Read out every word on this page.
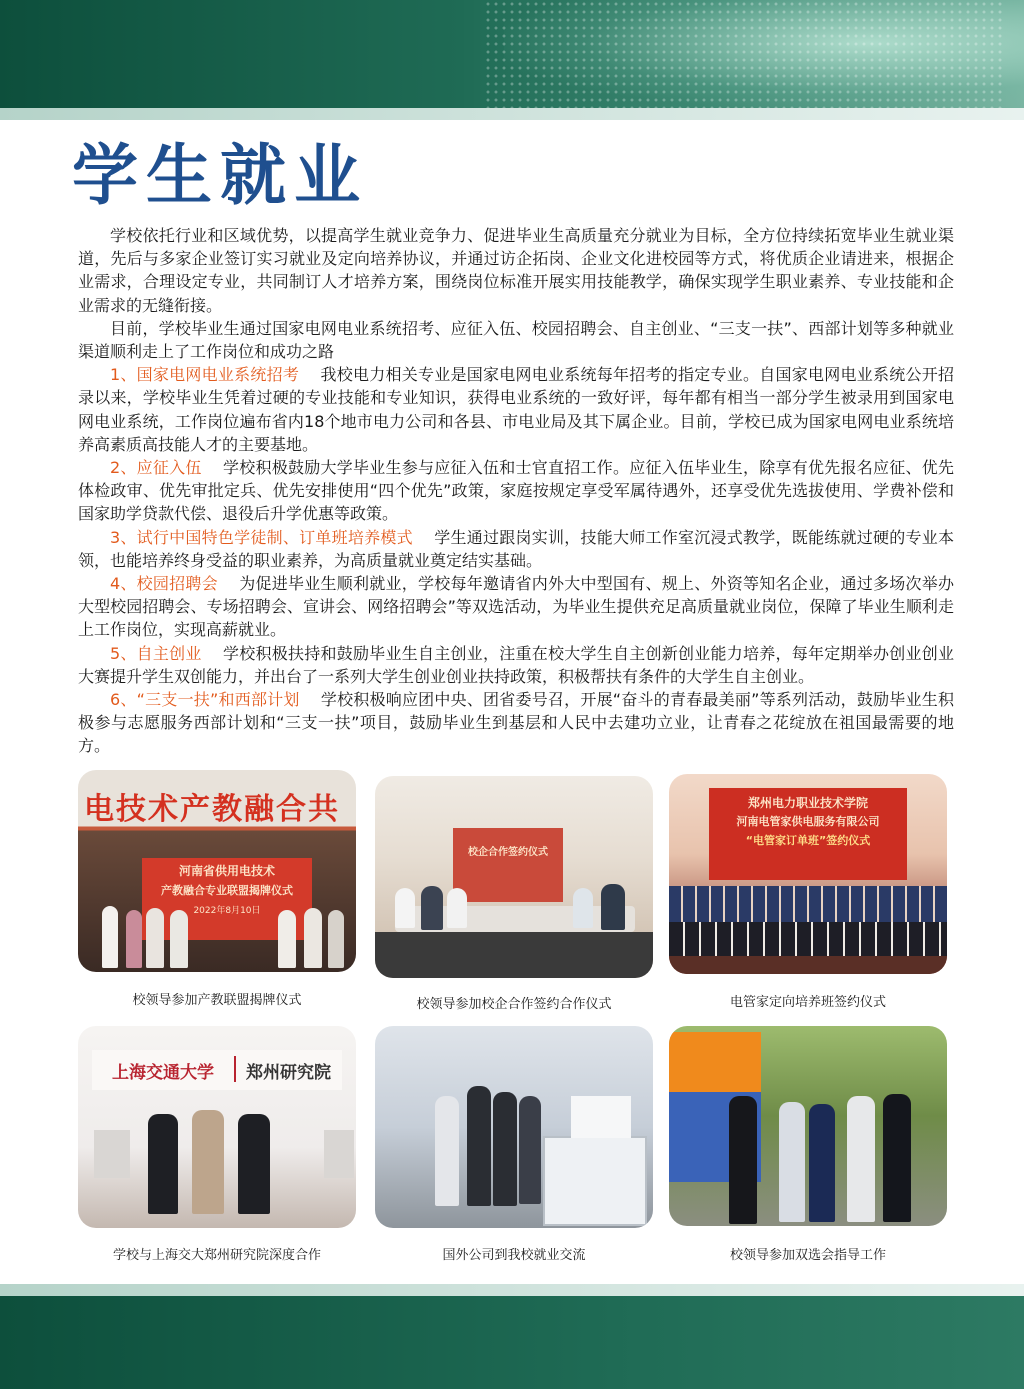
学生就业

学校依托行业和区域优势，以提高学生就业竞争力、促进毕业生高质量充分就业为目标，全方位持续拓宽毕业生就业渠道，先后与多家企业签订实习就业及定向培养协议，并通过访企拓岗、企业文化进校园等方式，将优质企业请进来，根据企业需求，合理设定专业，共同制订人才培养方案，围绕岗位标准开展实用技能教学，确保实现学生职业素养、专业技能和企业需求的无缝衔接。

目前，学校毕业生通过国家电网电业系统招考、应征入伍、校园招聘会、自主创业、“三支一扶”、西部计划等多种就业渠道顺利走上了工作岗位和成功之路

1、国家电网电业系统招考 我校电力相关专业是国家电网电业系统每年招考的指定专业。自国家电网电业系统公开招录以来，学校毕业生凭着过硬的专业技能和专业知识，获得电业系统的一致好评，每年都有相当一部分学生被录用到国家电网电业系统，工作岗位遍布省内18个地市电力公司和各县、市电业局及其下属企业。目前，学校已成为国家电网电业系统培养高素质高技能人才的主要基地。

2、应征入伍 学校积极鼓励大学毕业生参与应征入伍和士官直招工作。应征入伍毕业生，除享有优先报名应征、优先体检政审、优先审批定兵、优先安排使用“四个优先”政策，家庭按规定享受军属待遇外，还享受优先选拔使用、学费补偿和国家助学贷款代偿、退役后升学优惠等政策。

3、试行中国特色学徒制、订单班培养模式 学生通过跟岗实训，技能大师工作室沉浸式教学，既能练就过硬的专业本领，也能培养终身受益的职业素养，为高质量就业奠定结实基础。

4、校园招聘会 为促进毕业生顺利就业，学校每年邀请省内外大中型国有、规上、外资等知名企业，通过多场次举办大型校园招聘会、专场招聘会、宣讲会、网络招聘会”等双选活动，为毕业生提供充足高质量就业岗位，保障了毕业生顺利走上工作岗位，实现高薪就业。

5、自主创业 学校积极扶持和鼓励毕业生自主创业，注重在校大学生自主创新创业能力培养，每年定期举办创业创业大赛提升学生双创能力，并出台了一系列大学生创业创业扶持政策，积极帮扶有条件的大学生自主创业。

6、“三支一扶”和西部计划 学校积极响应团中央、团省委号召，开展“奋斗的青春最美丽”等系列活动，鼓励毕业生积极参与志愿服务西部计划和“三支一扶”项目，鼓励毕业生到基层和人民中去建功立业，让青春之花绽放在祖国最需要的地方。

电技术产教融合共
河南省供用电技术
产教融合专业联盟揭牌仪式
2022年8月10日
校领导参加产教联盟揭牌仪式
校企合作签约仪式
校领导参加校企合作签约合作仪式
郑州电力职业技术学院
河南电管家供电服务有限公司
“电管家订单班”签约仪式
电管家定向培养班签约仪式
上海交通大学 郑州研究院
学校与上海交大郑州研究院深度合作	国外公司到我校就业交流	校领导参加双选会指导工作
